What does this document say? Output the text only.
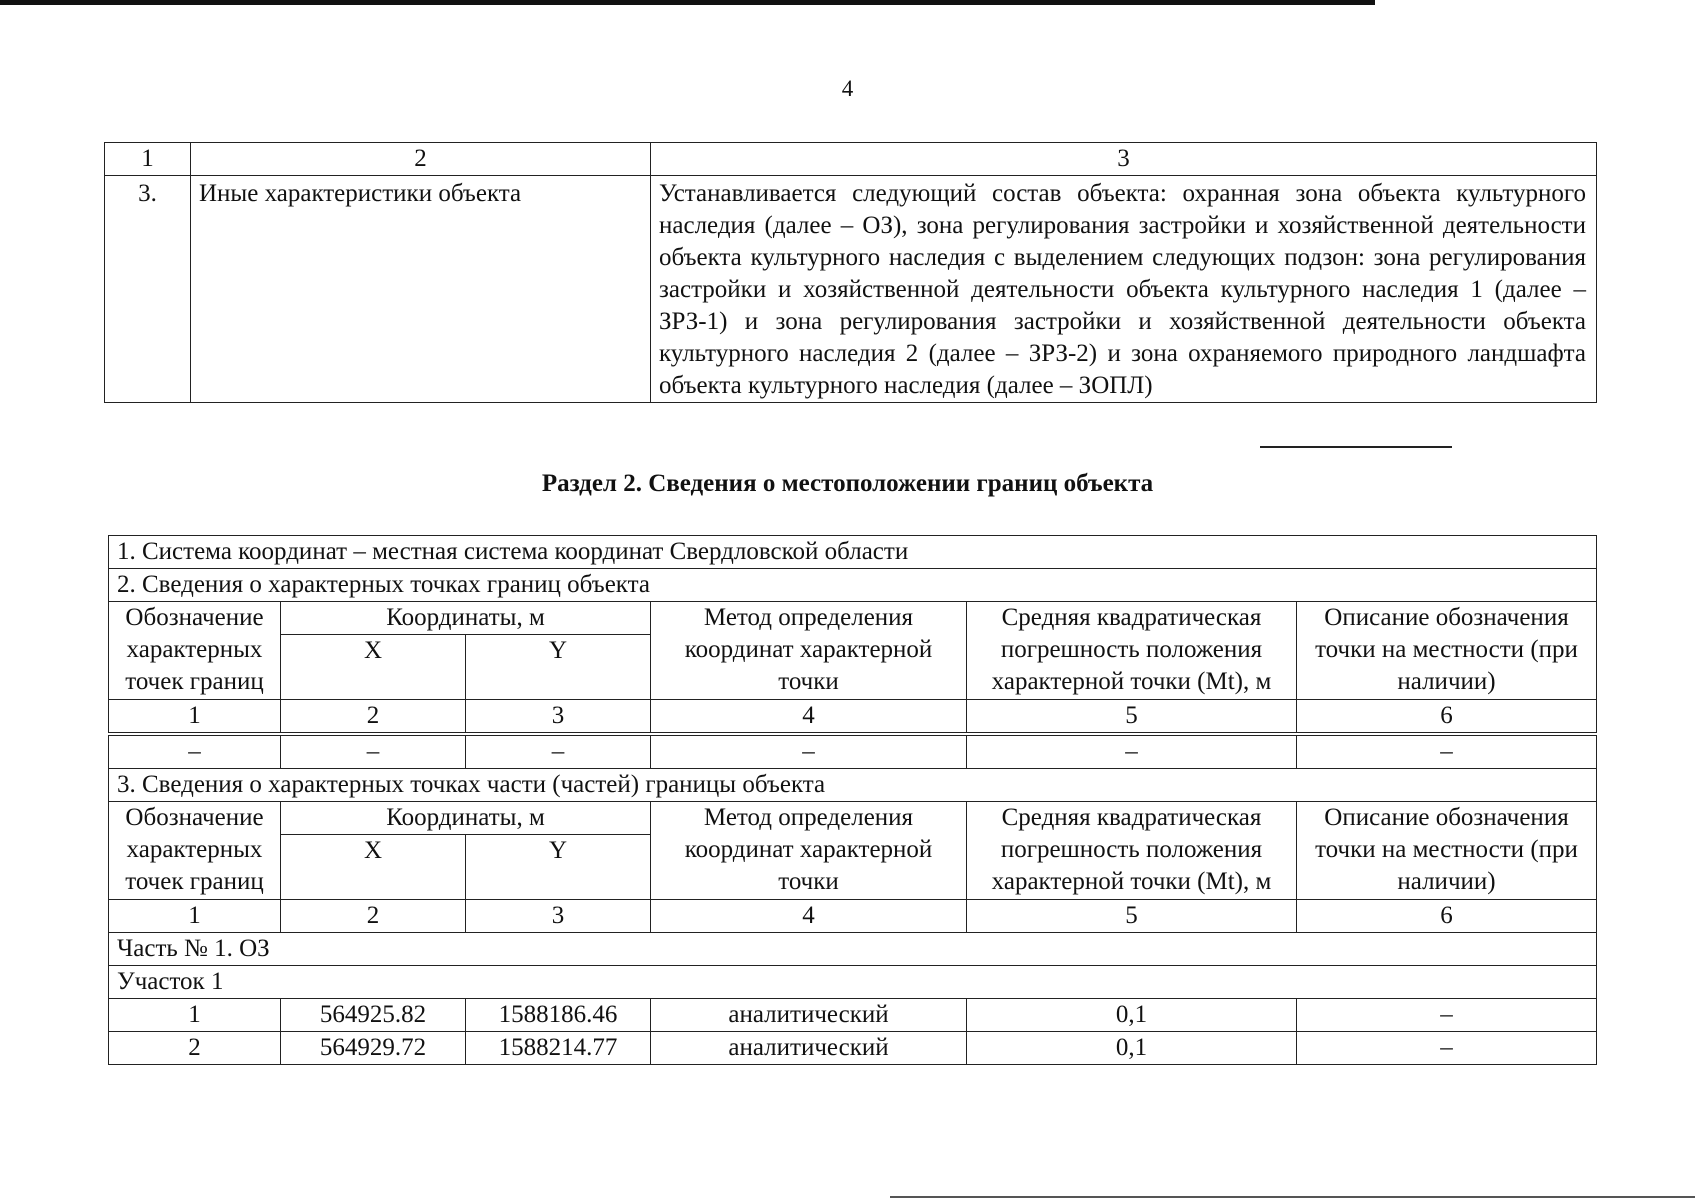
4
1	2	3
3.	Иные характеристики объекта	Устанавливается следующий состав объекта: охранная зона объекта культурного наследия (далее – ОЗ), зона регулирования застройки и хозяйственной деятельности объекта культурного наследия с выделением следующих подзон: зона регулирования застройки и хозяйственной деятельности объекта культурного наследия 1 (далее – ЗРЗ-1) и зона регулирования застройки и хозяйственной деятельности объекта культурного наследия 2 (далее – ЗРЗ-2) и зона охраняемого природного ландшафта объекта культурного наследия (далее – ЗОПЛ)
Раздел 2. Сведения о местоположении границ объекта
1. Система координат – местная система координат Свердловской области					
2. Сведения о характерных точках границ объекта					
Обозначение характерных точек границ	Координаты, м		Метод определения координат характерной точки	Средняя квадратическая погрешность положения характерной точки (Mt), м	Описание обозначения точки на местности (при наличии)
	X	Y			
1	2	3	4	5	6

–	–	–	–	–	–
3. Сведения о характерных точках части (частей) границы объекта					
Обозначение характерных точек границ	Координаты, м		Метод определения координат характерной точки	Средняя квадратическая погрешность положения характерной точки (Mt), м	Описание обозначения точки на местности (при наличии)
	X	Y			
1	2	3	4	5	6
Часть № 1. ОЗ					
Участок 1					
1	564925.82	1588186.46	аналитический	0,1	–
2	564929.72	1588214.77	аналитический	0,1	–
